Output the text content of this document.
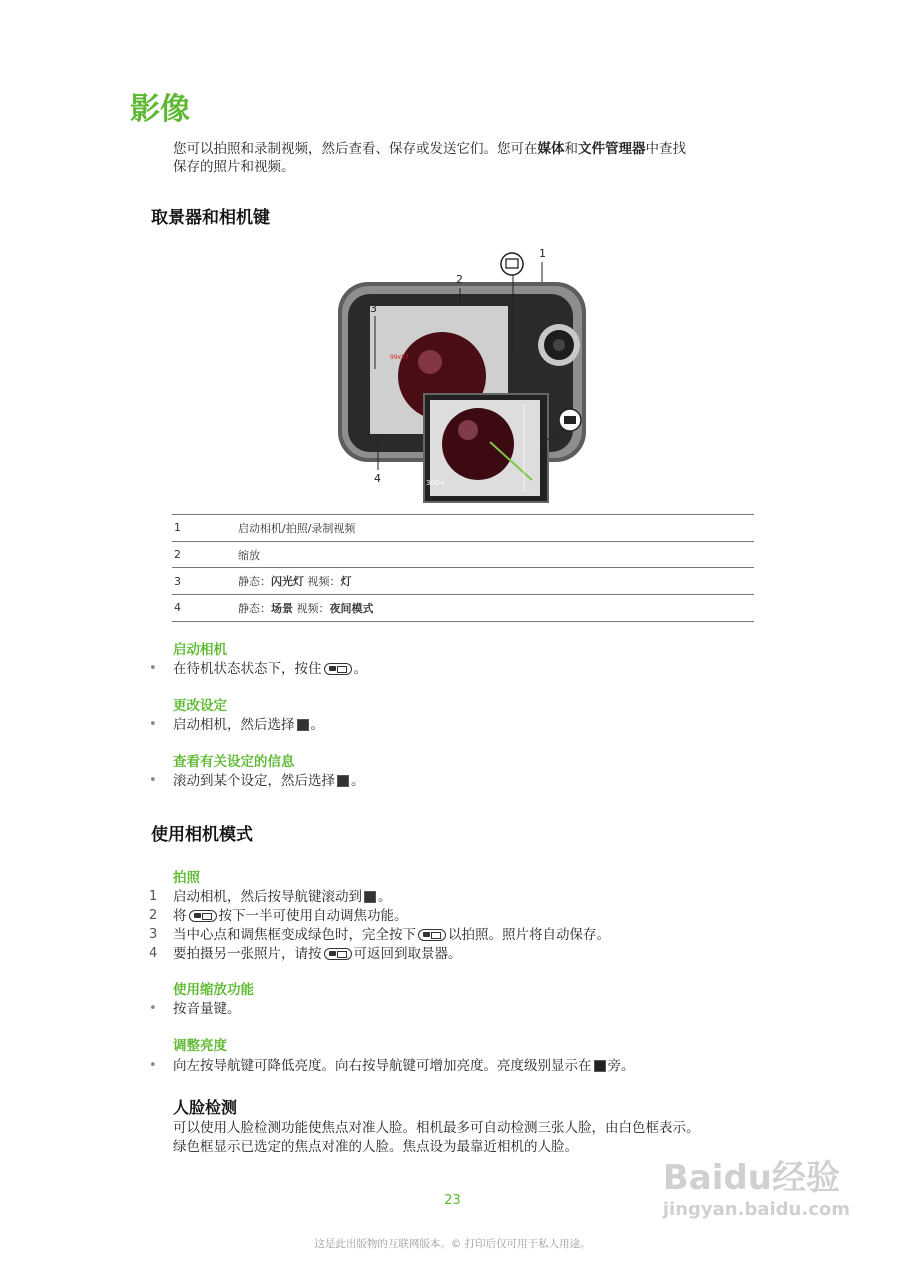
影像
您可以拍照和录制视频，然后查看、保存或发送它们。您可在媒体和文件管理器中查找
保存的照片和视频。
取景器和相机键
300+
99x57
1
2
3
4
1	启动相机/拍照/录制视频
2	缩放
3	静态：闪光灯 视频：灯
4	静态：场景 视频：夜间模式
启动相机
• 在待机状态状态下，按住 。
更改设定
• 启动相机，然后选择 。
查看有关设定的信息
• 滚动到某个设定，然后选择 。
使用相机模式
拍照
1 启动相机，然后按导航键滚动到 。
2 将 按下一半可使用自动调焦功能。
3 当中心点和调焦框变成绿色时，完全按下 以拍照。照片将自动保存。
4 要拍摄另一张照片，请按 可返回到取景器。
使用缩放功能
• 按音量键。
调整亮度
• 向左按导航键可降低亮度。向右按导航键可增加亮度。亮度级别显示在 旁。
人脸检测
可以使用人脸检测功能使焦点对准人脸。相机最多可自动检测三张人脸，由白色框表示。
绿色框显示已选定的焦点对准的人脸。焦点设为最靠近相机的人脸。
23
这是此出版物的互联网版本。© 打印后仅可用于私人用途。
Baidu经验
jingyan.baidu.com
